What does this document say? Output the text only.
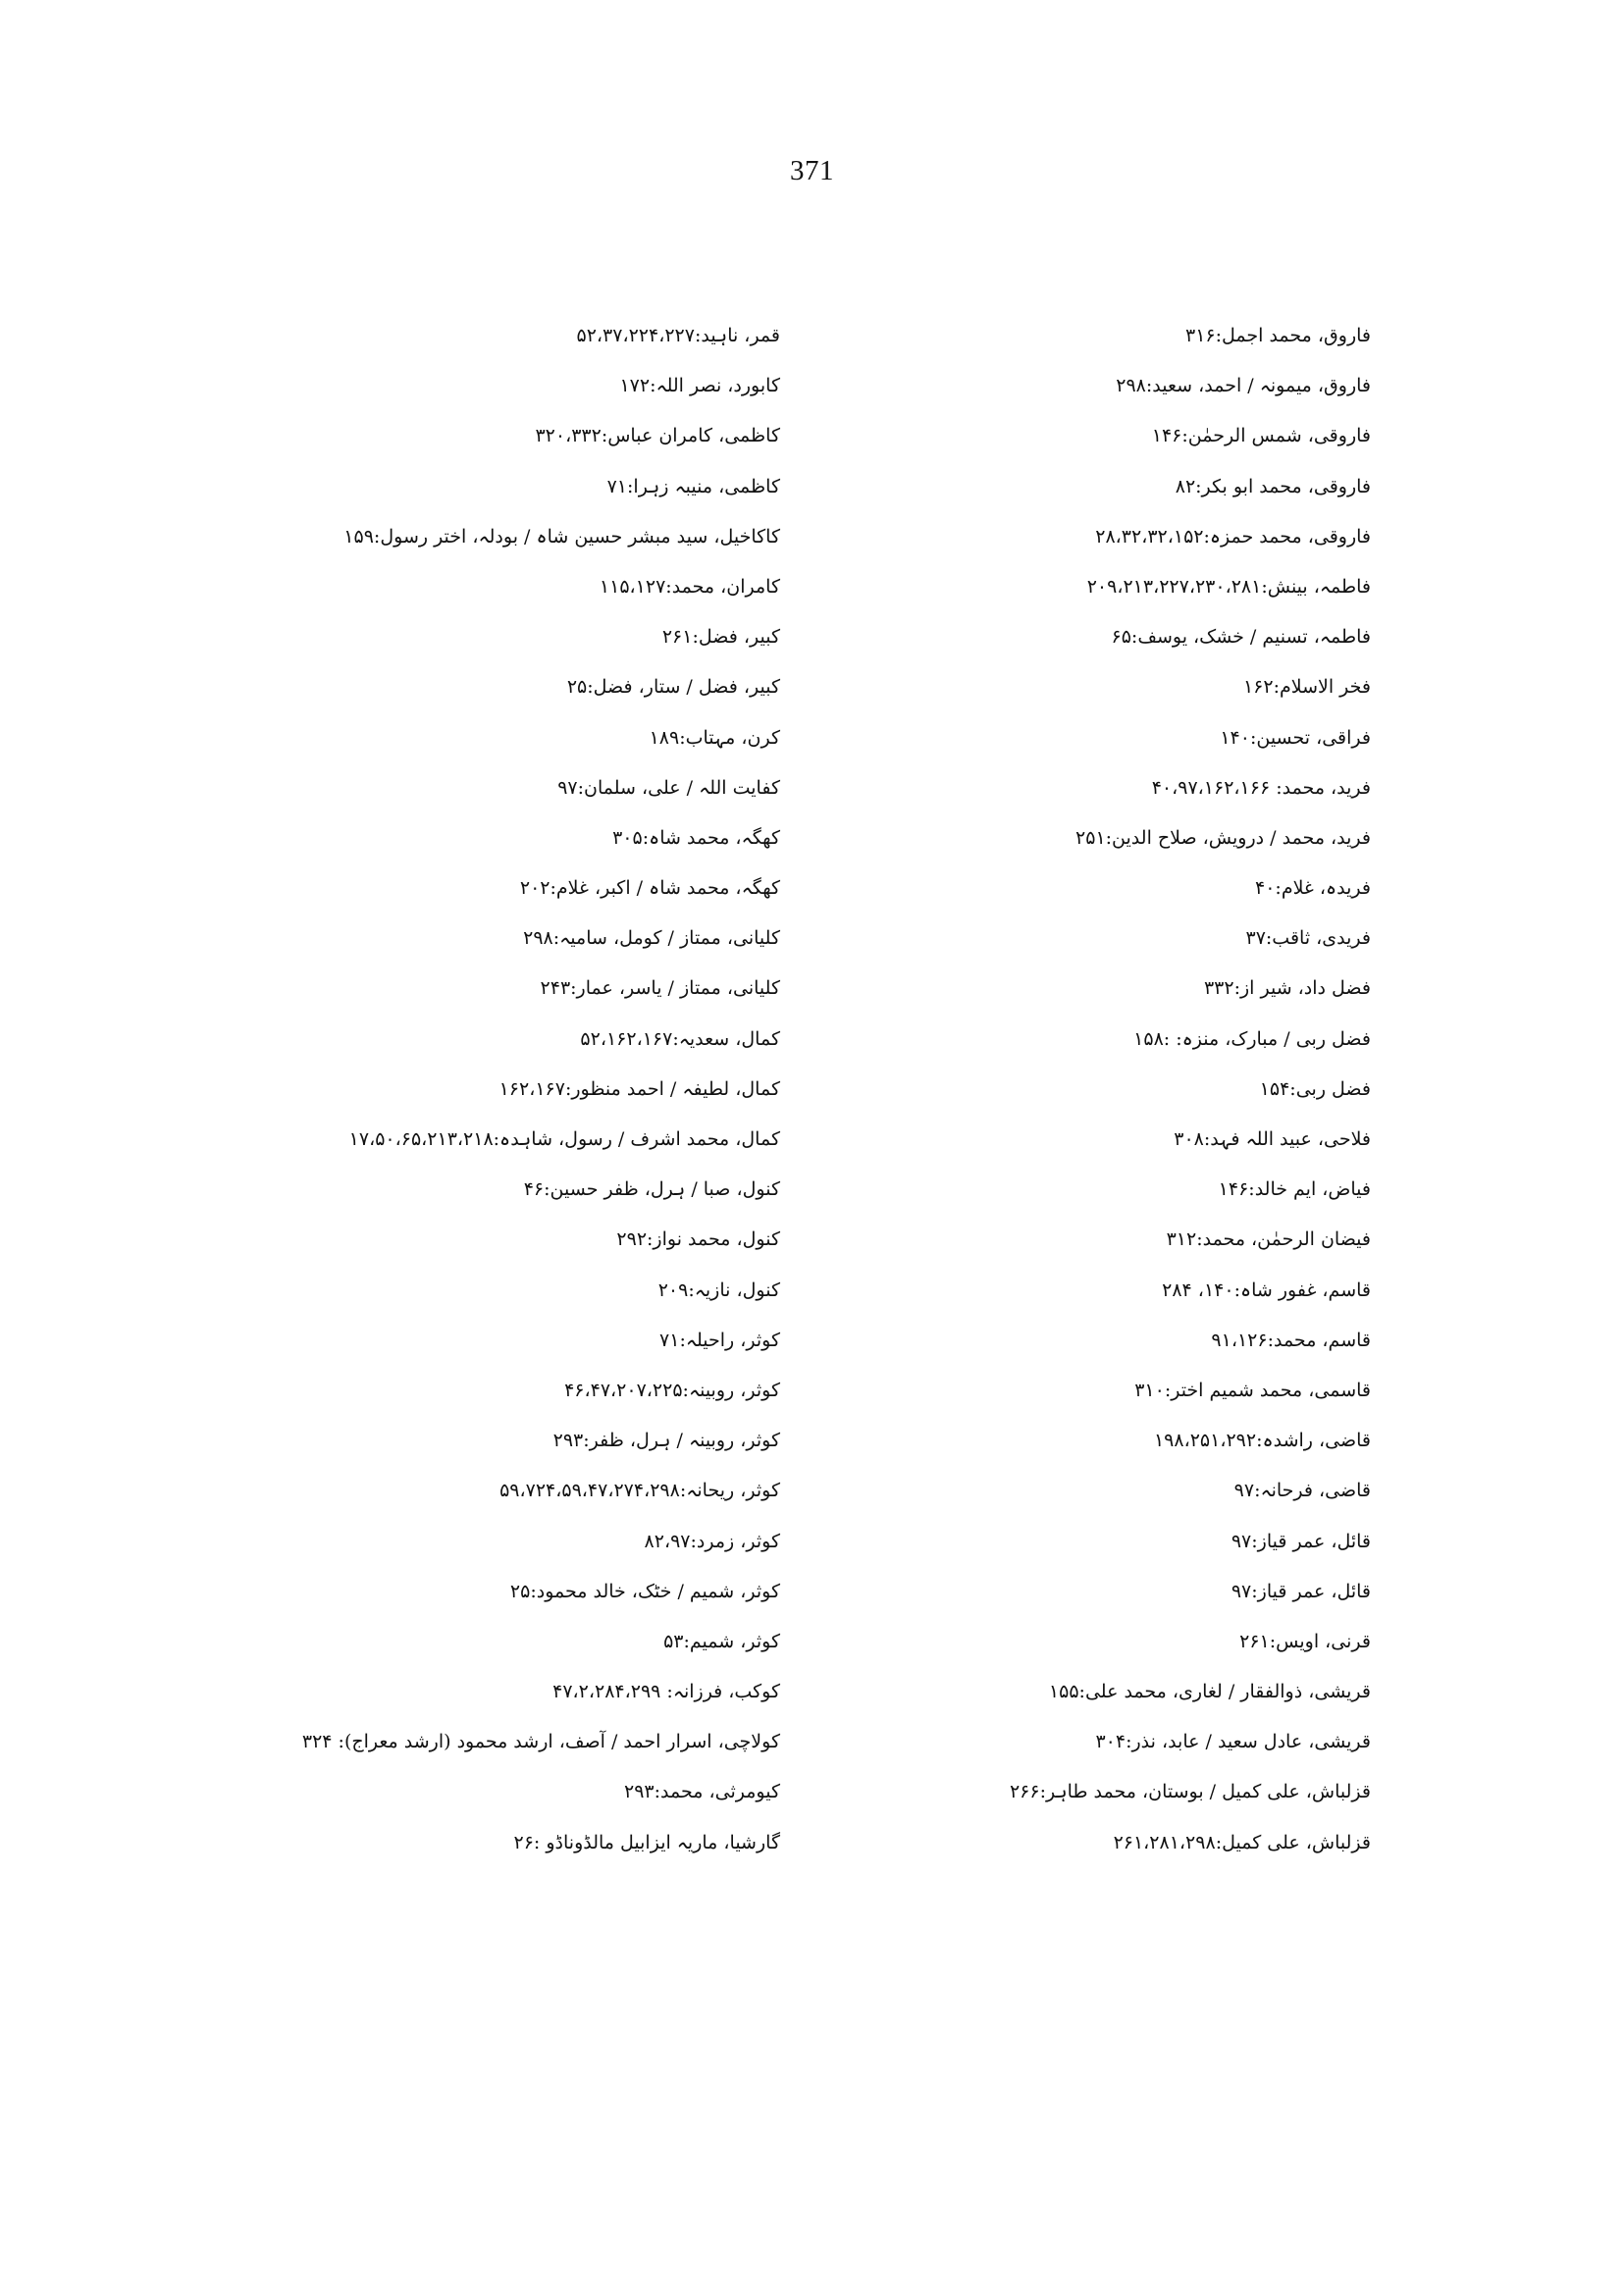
371
فاروق، محمد اجمل:۳۱۶
فاروق، میمونہ / احمد، سعید:۲۹۸
فاروقی، شمس الرحمٰن:۱۴۶
فاروقی، محمد ابو بکر:۸۲
فاروقی، محمد حمزہ:۲۸،۳۲،۳۲،۱۵۲
فاطمہ، بینش:۲۰۹،۲۱۳،۲۲۷،۲۳۰،۲۸۱
فاطمہ، تسنیم / خشک، یوسف:۶۵
فخر الاسلام:۱۶۲
فراقی، تحسین:۱۴۰
فرید، محمد: ۴۰،۹۷،۱۶۲،۱۶۶
فرید، محمد / درویش، صلاح الدین:۲۵۱
فریدہ، غلام:۴۰
فریدی، ثاقب:۳۷
فضل داد، شیر از:۳۳۲
فضل ربی / مبارک، منزہ: :۱۵۸
فضل ربی:۱۵۴
فلاحی، عبید اللہ فہد:۳۰۸
فیاض، ایم خالد:۱۴۶
فیضان الرحمٰن، محمد:۳۱۲
قاسم، غفور شاہ:۱۴۰، ۲۸۴
قاسم، محمد:۹۱،۱۲۶
قاسمی، محمد شمیم اختر:۳۱۰
قاضی، راشدہ:۱۹۸،۲۵۱،۲۹۲
قاضی، فرحانہ:۹۷
قائل، عمر قیاز:۹۷
قائل، عمر قیاز:۹۷
قرنی، اویس:۲۶۱
قریشی، ذوالفقار / لغاری، محمد علی:۱۵۵
قریشی، عادل سعید / عابد، نذر:۳۰۴
قزلباش، علی کمیل / بوستان، محمد طاہر:۲۶۶
قزلباش، علی کمیل:۲۶۱،۲۸۱،۲۹۸
قمر، ناہید:۵۲،۳۷،۲۲۴،۲۲۷
کابورد، نصر اللہ:۱۷۲
کاظمی، کامران عباس:۳۲۰،۳۳۲
کاظمی، منیبہ زہرا:۷۱
کاکاخیل، سید مبشر حسین شاہ / بودلہ، اختر رسول:۱۵۹
کامران، محمد:۱۱۵،۱۲۷
کبیر، فضل:۲۶۱
کبیر، فضل / ستار، فضل:۲۵
کرن، مہتاب:۱۸۹
کفایت اللہ / علی، سلمان:۹۷
کھگہ، محمد شاہ:۳۰۵
کھگہ، محمد شاہ / اکبر، غلام:۲۰۲
کلیانی، ممتاز / کومل، سامیہ:۲۹۸
کلیانی، ممتاز / یاسر، عمار:۲۴۳
کمال، سعدیہ:۵۲،۱۶۲،۱۶۷
کمال، لطیفہ / احمد منظور:۱۶۲،۱۶۷
کمال، محمد اشرف / رسول، شاہدہ:۱۷،۵۰،۶۵،۲۱۳،۲۱۸
کنول، صبا / ہرل، ظفر حسین:۴۶
کنول، محمد نواز:۲۹۲
کنول، نازیہ:۲۰۹
کوثر، راحیلہ:۷۱
کوثر، روبینہ:۴۶،۴۷،۲۰۷،۲۲۵
کوثر، روبینہ / ہرل، ظفر:۲۹۳
کوثر، ریحانہ:۵۹،۷۲۴،۵۹،۴۷،۲۷۴،۲۹۸
کوثر، زمرد:۸۲،۹۷
کوثر، شمیم / خٹک، خالد محمود:۲۵
کوثر، شمیم:۵۳
کوکب، فرزانہ: ۴۷،۲،۲۸۴،۲۹۹
کولاچی، اسرار احمد / آصف، ارشد محمود (ارشد معراج): ۳۲۴
کیومرثی، محمد:۲۹۳
گارشیا، ماریہ ایزابیل مالڈوناڈو :۲۶
